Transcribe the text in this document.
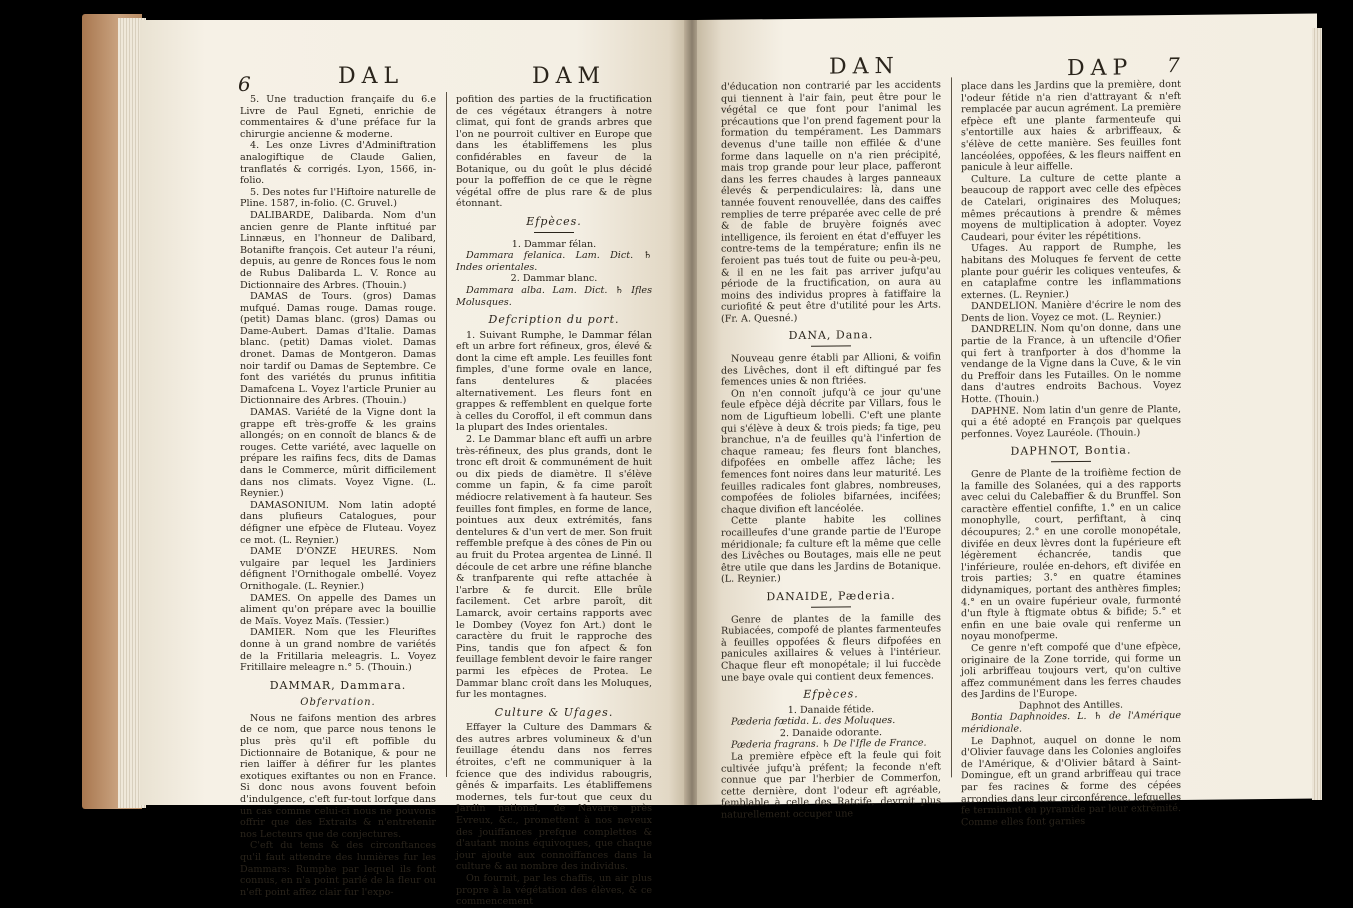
6	DAL	DAM

5. Une traduction françaife du 6.e Livre de Paul Egneti, enrichie de commentaires & d'une préface fur la chirurgie ancienne & moderne.

4. Les onze Livres d'Adminiftration analogiftique de Claude Galien, tranflatés & corrigés. Lyon, 1566, in-folio.

5. Des notes fur l'Hiftoire naturelle de Pline. 1587, in-folio. (C. Gruvel.)

DALIBARDE, Dalibarda. Nom d'un ancien genre de Plante inftitué par Linnæus, en l'honneur de Dalibard, Botanifte françois. Cet auteur l'a réuni, depuis, au genre de Ronces fous le nom de Rubus Dalibarda L. V. Ronce au Dictionnaire des Arbres. (Thouin.)

DAMAS de Tours. (gros) Damas mufqué. Damas rouge. Damas rouge. (petit) Damas blanc. (gros) Damas ou Dame-Aubert. Damas d'Italie. Damas blanc. (petit) Damas violet. Damas dronet. Damas de Montgeron. Damas noir tardif ou Damas de Septembre. Ce font des variétés du prunus infititia Damafcena L. Voyez l'article Prunier au Dictionnaire des Arbres. (Thouin.)

DAMAS. Variété de la Vigne dont la grappe eft très-groffe & les grains allongés; on en connoît de blancs & de rouges. Cette variété, avec laquelle on prépare les raifins fecs, dits de Damas dans le Commerce, mûrit difficilement dans nos climats. Voyez Vigne. (L. Reynier.)

DAMASONIUM. Nom latin adopté dans plufieurs Catalogues, pour défigner une efpèce de Fluteau. Voyez ce mot. (L. Reynier.)

DAME D'ONZE HEURES. Nom vulgaire par lequel les Jardiniers défignent l'Ornithogale ombellé. Voyez Ornithogale. (L. Reynier.)

DAMES. On appelle des Dames un aliment qu'on prépare avec la bouillie de Maïs. Voyez Maïs. (Tessier.)

DAMIER. Nom que les Fleuriftes donne à un grand nombre de variétés de la Fritillaria meleagris. L. Voyez Fritillaire meleagre n.° 5. (Thouin.)

DAMMAR, Dammara.
Obfervation.

Nous ne faifons mention des arbres de ce nom, que parce nous tenons le plus près qu'il eft poffible du Dictionnaire de Botanique, & pour ne rien laiffer à défirer fur les plantes exotiques exiftantes ou non en France. Si donc nous avons fouvent befoin d'indulgence, c'eft fur-tout lorfque dans un cas comme celui-ci nous ne pouvons offrir que des Extraits & n'entretenir nos Lecteurs que de conjectures.

C'eft du tems & des circonftances qu'il faut attendre des lumières fur les Dammars: Rumphe par lequel ils font connus, en n'a point parlé de la fleur ou n'eft point affez clair fur l'expo-

pofition des parties de la fructification de ces végétaux étrangers à notre climat, qui font de grands arbres que l'on ne pourroit cultiver en Europe que dans les établiffemens les plus confidérables en faveur de la Botanique, ou du goût le plus décidé pour la poffeffion de ce que le règne végétal offre de plus rare & de plus étonnant.

Efpèces.

1. Dammar félan.

Dammara felanica. Lam. Dict. ♄ Indes orientales.

2. Dammar blanc.

Dammara alba. Lam. Dict. ♄ Ifles Molusques.

Defcription du port.

1. Suivant Rumphe, le Dammar félan eft un arbre fort réfineux, gros, élevé & dont la cime eft ample. Les feuilles font fimples, d'une forme ovale en lance, fans dentelures & placées alternativement. Les fleurs font en grappes & reffemblent en quelque forte à celles du Coroffol, il eft commun dans la plupart des Indes orientales.

2. Le Dammar blanc eft auffi un arbre très-réfineux, des plus grands, dont le tronc eft droit & communément de huit ou dix pieds de diamètre. Il s'élève comme un fapin, & fa cime paroît médiocre relativement à fa hauteur. Ses feuilles font fimples, en forme de lance, pointues aux deux extrémités, fans dentelures & d'un vert de mer. Son fruit reffemble prefque à des cônes de Pin ou au fruit du Protea argentea de Linné. Il découle de cet arbre une réfine blanche & tranfparente qui refte attachée à l'arbre & fe durcit. Elle brûle facilement. Cet arbre paroît, dit Lamarck, avoir certains rapports avec le Dombey (Voyez fon Art.) dont le caractère du fruit le rapproche des Pins, tandis que fon afpect & fon feuillage femblent devoir le faire ranger parmi les efpèces de Protea. Le Dammar blanc croît dans les Moluques, fur les montagnes.

Culture & Ufages.

Effayer la Culture des Dammars & des autres arbres volumineux & d'un feuillage étendu dans nos ferres étroites, c'eft ne communiquer à la fcience que des individus rabougris, gênés & imparfaits. Les établiffemens modernes, tels fur-tout que ceux du Jardin national, de Navarre près Evreux, &c., promettent à nos neveux des jouiffances prefque complettes & d'autant moins équivoques, que chaque jour ajoute aux connoiffances dans la culture & au nombre des individus.

On fournit, par les chaffis, un air plus propre à la végétation des élèves, & ce commencement

DAN	DAP 7

d'éducation non contrarié par les accidents qui tiennent à l'air fain, peut être pour le végétal ce que font pour l'animal les précautions que l'on prend fagement pour la formation du tempérament. Les Dammars devenus d'une taille non effilée & d'une forme dans laquelle on n'a rien précipité, mais trop grande pour leur place, pafferont dans les ferres chaudes à larges panneaux élevés & perpendiculaires: là, dans une tannée fouvent renouvellée, dans des caiffes remplies de terre préparée avec celle de pré & de fable de bruyère foignés avec intelligence, ils feroient en état d'effuyer les contre-tems de la température; enfin ils ne feroient pas tués tout de fuite ou peu-à-peu, & il en ne les fait pas arriver jufqu'au période de la fructification, on aura au moins des individus propres à fatiffaire la curiofité & peut être d'utilité pour les Arts. (Fr. A. Quesné.)

DANA, Dana.

Nouveau genre établi par Allioni, & voifin des Livêches, dont il eft diftingué par fes femences unies & non ftriées.

On n'en connoît jufqu'à ce jour qu'une feule efpèce déjà décrite par Villars, fous le nom de Liguftieum lobelli. C'eft une plante qui s'élève à deux & trois pieds; fa tige, peu branchue, n'a de feuilles qu'à l'infertion de chaque rameau; fes fleurs font blanches, difpofées en ombelle affez lâche; les femences font noires dans leur maturité. Les feuilles radicales font glabres, nombreuses, compofées de folioles bifarnées, incifées; chaque divifion eft lancéolée.

Cette plante habite les collines rocailleufes d'une grande partie de l'Europe méridionale; fa culture eft la même que celle des Livêches ou Boutages, mais elle ne peut être utile que dans les Jardins de Botanique. (L. Reynier.)

DANAIDE, Pæderia.

Genre de plantes de la famille des Rubiacées, compofé de plantes farmenteufes à feuilles oppofées & fleurs difpofées en panicules axillaires & velues à l'intérieur. Chaque fleur eft monopétale; il lui fuccède une baye ovale qui contient deux femences.

Efpèces.

1. Danaide fétide.

Pæderia fœtida. L. des Moluques.

2. Danaide odorante.

Pæderia fragrans. ♄ De l'Ifle de France.

La première efpèce eft la feule qui foit cultivée jufqu'à préfent; la feconde n'eft connue que par l'herbier de Commerfon, cette dernière, dont l'odeur eft agréable, femblable à celle des Ratcife, devroit plus naturellement occuper une

place dans les Jardins que la première, dont l'odeur fétide n'a rien d'attrayant & n'eft remplacée par aucun agrément. La première efpèce eft une plante farmenteufe qui s'entortille aux haies & arbriffeaux, & s'élève de cette manière. Ses feuilles font lancéolées, oppofées, & les fleurs naiffent en panicule à leur aiffelle.

Culture. La culture de cette plante a beaucoup de rapport avec celle des efpèces de Catelari, originaires des Moluques; mêmes précautions à prendre & mêmes moyens de multiplication à adopter. Voyez Caudeari, pour éviter les répétitions.

Ufages. Au rapport de Rumphe, les habitans des Moluques fe fervent de cette plante pour guérir les coliques venteufes, & en cataplafme contre les inflammations externes. (L. Reynier.)

DANDELION. Manière d'écrire le nom des Dents de lion. Voyez ce mot. (L. Reynier.)

DANDRELIN. Nom qu'on donne, dans une partie de la France, à un uftencile d'Ofier qui fert à tranfporter à dos d'homme la vendange de la Vigne dans la Cuve, & le vin du Preffoir dans les Futailles. On le nomme dans d'autres endroits Bachous. Voyez Hotte. (Thouin.)

DAPHNE. Nom latin d'un genre de Plante, qui a été adopté en François par quelques perfonnes. Voyez Lauréole. (Thouin.)

DAPHNOT, Bontia.

Genre de Plante de la troifième fection de la famille des Solanées, qui a des rapports avec celui du Calebaffier & du Brunffel. Son caractère effentiel confifte, 1.° en un calice monophylle, court, perfiftant, à cinq découpures; 2.° en une corolle monopétale, divifée en deux lèvres dont la fupérieure eft légèrement échancrée, tandis que l'inférieure, roulée en-dehors, eft divifée en trois parties; 3.° en quatre étamines didynamiques, portant des anthères fimples; 4.° en un ovaire fupérieur ovale, furmonté d'un ftyle à ftigmate obtus & bifide; 5.° et enfin en une baie ovale qui renferme un noyau monofperme.

Ce genre n'eft compofé que d'une efpèce, originaire de la Zone torride, qui forme un joli arbriffeau toujours vert, qu'on cultive affez communément dans les ferres chaudes des Jardins de l'Europe.

Daphnot des Antilles.

Bontia Daphnoides. L. ♄ de l'Amérique méridionale.

Le Daphnot, auquel on donne le nom d'Olivier fauvage dans les Colonies angloifes de l'Amérique, & d'Olivier bâtard à Saint-Domingue, eft un grand arbriffeau qui trace par fes racines & forme des cépées arrondies dans leur circonférence, lefquelles fe terminent en pyramide par leur extrémité. Comme elles font garnies
